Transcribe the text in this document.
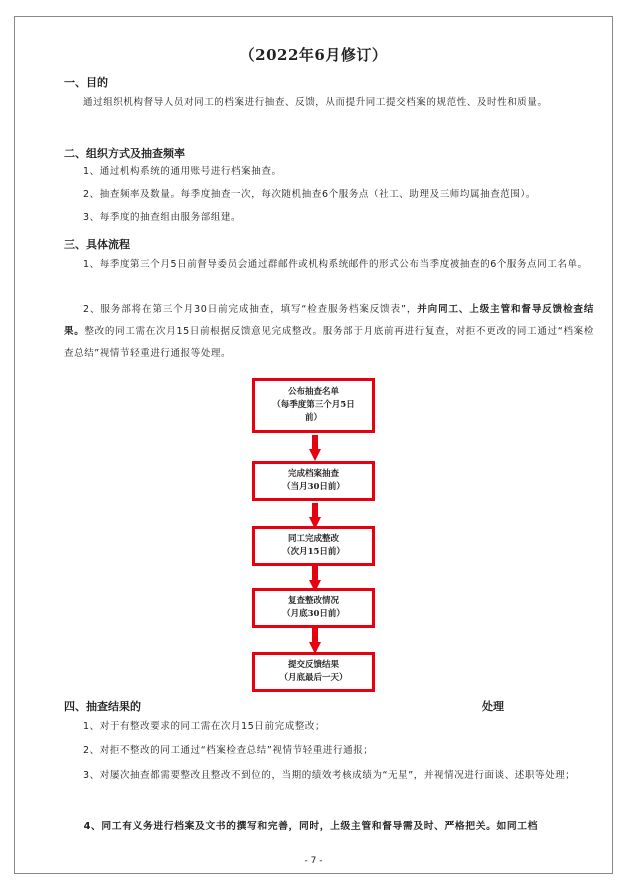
（2022年6月修订）
一、目的
通过组织机构督导人员对同工的档案进行抽查、反馈，从而提升同工提交档案的规范性、及时性和质量。
二、组织方式及抽查频率
1、通过机构系统的通用账号进行档案抽查。
2、抽查频率及数量。每季度抽查一次，每次随机抽查6个服务点（社工、助理及三师均属抽查范围）。
3、每季度的抽查组由服务部组建。
三、具体流程
1、每季度第三个月5日前督导委员会通过群邮件或机构系统邮件的形式公布当季度被抽查的6个服务点同工名单。
2、服务部将在第三个月30日前完成抽查，填写“检查服务档案反馈表”，并向同工、上级主管和督导反馈检查结果。整改的同工需在次月15日前根据反馈意见完成整改。服务部于月底前再进行复查，对拒不更改的同工通过“档案检查总结”视情节轻重进行通报等处理。
公布抽查名单
（每季度第三个月5日
前）
完成档案抽查
（当月30日前）
同工完成整改
（次月15日前）
复查整改情况
（月底30日前）
提交反馈结果
（月底最后一天）
四、抽查结果的	处理
1、对于有整改要求的同工需在次月15日前完成整改；
2、对拒不整改的同工通过“档案检查总结”视情节轻重进行通报；
3、对屡次抽查都需要整改且整改不到位的，当期的绩效考核成绩为“无星”，并视情况进行面谈、述职等处理；
4、同工有义务进行档案及文书的撰写和完善，同时，上级主管和督导需及时、严格把关。如同工档
- 7 -
